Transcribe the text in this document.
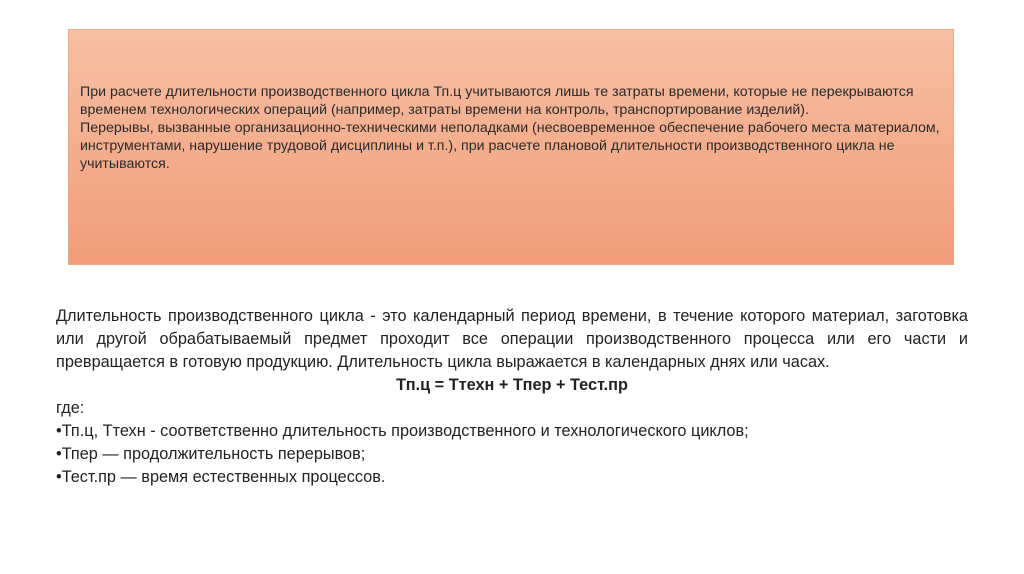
При расчете длительности производственного цикла Тп.ц учитываются лишь те затраты времени, которые не перекрываются временем технологических операций (например, затраты времени на контроль, транспортирование изделий).

Перерывы, вызванные организационно-техническими неполадками (несвоевременное обеспечение рабочего места материалом, инструментами, нарушение трудовой дисциплины и т.п.), при расчете плановой длительности производственного цикла не учитываются.

Длительность производственного цикла - это календарный период времени, в течение которого материал, заготовка или другой обрабатываемый предмет проходит все операции производственного процесса или его части и превращается в готовую продукцию. Длительность цикла выражается в календарных днях или часах.

Тп.ц = Ттехн + Тпер + Тест.пр

где:

•Тп.ц, Ттехн - соответственно длительность производственного и технологического циклов;
•Тпер — продолжительность перерывов;
•Тест.пр — время естественных процессов.
